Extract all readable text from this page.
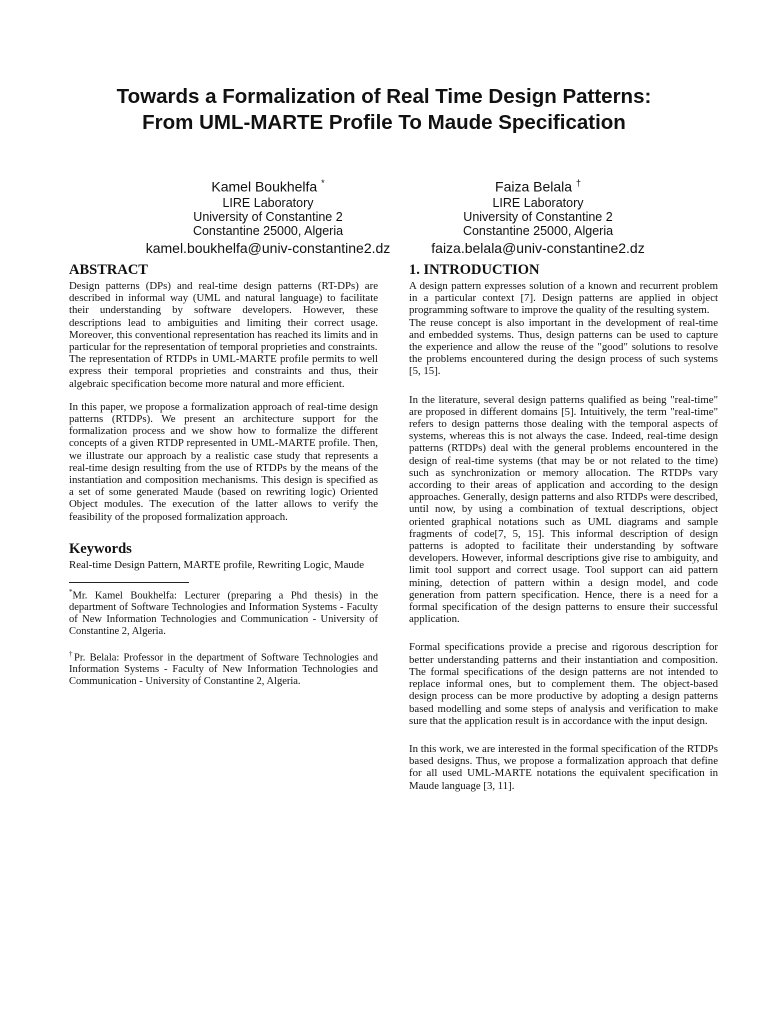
Towards a Formalization of Real Time Design Patterns:
From UML-MARTE Profile To Maude Specification
Kamel Boukhelfa *
LIRE Laboratory
University of Constantine 2
Constantine 25000, Algeria
kamel.boukhelfa@univ-constantine2.dz
Faiza Belala †
LIRE Laboratory
University of Constantine 2
Constantine 25000, Algeria
faiza.belala@univ-constantine2.dz
ABSTRACT

Design patterns (DPs) and real-time design patterns (RT-DPs) are described in informal way (UML and natural language) to facilitate their understanding by software developers. However, these descriptions lead to ambiguities and limiting their correct usage. Moreover, this conventional representation has reached its limits and in particular for the representation of temporal proprieties and constraints.

The representation of RTDPs in UML-MARTE profile permits to well express their temporal proprieties and constraints and thus, their algebraic specification become more natural and more efficient.

In this paper, we propose a formalization approach of real-time design patterns (RTDPs). We present an architecture support for the formalization process and we show how to formalize the different concepts of a given RTDP represented in UML-MARTE profile. Then, we illustrate our approach by a realistic case study that represents a real-time design resulting from the use of RTDPs by the means of the instantiation and composition mechanisms. This design is specified as a set of some generated Maude (based on rewriting logic) Oriented Object modules. The execution of the latter allows to verify the feasibility of the proposed formalization approach.

Keywords

Real-time Design Pattern, MARTE profile, Rewriting Logic, Maude

*Mr. Kamel Boukhelfa: Lecturer (preparing a Phd thesis) in the department of Software Technologies and Information Systems - Faculty of New Information Technologies and Communication - University of Constantine 2, Algeria.

†Pr. Belala: Professor in the department of Software Technologies and Information Systems - Faculty of New Information Technologies and Communication - University of Constantine 2, Algeria.

1. INTRODUCTION

A design pattern expresses solution of a known and recurrent problem in a particular context [7]. Design patterns are applied in object programming software to improve the quality of the resulting system.

The reuse concept is also important in the development of real-time and embedded systems. Thus, design patterns can be used to capture the experience and allow the reuse of the "good" solutions to resolve the problems encountered during the design process of such systems [5, 15].

In the literature, several design patterns qualified as being "real-time" are proposed in different domains [5]. Intuitively, the term "real-time" refers to design patterns those dealing with the temporal aspects of systems, whereas this is not always the case. Indeed, real-time design patterns (RTDPs) deal with the general problems encountered in the design of real-time systems (that may be or not related to the time) such as synchronization or memory allocation. The RTDPs vary according to their areas of application and according to the design approaches. Generally, design patterns and also RTDPs were described, until now, by using a combination of textual descriptions, object oriented graphical notations such as UML diagrams and sample fragments of code[7, 5, 15]. This informal description of design patterns is adopted to facilitate their understanding by software developers. However, informal descriptions give rise to ambiguity, and limit tool support and correct usage. Tool support can aid pattern mining, detection of pattern within a design model, and code generation from pattern specification. Hence, there is a need for a formal specification of the design patterns to ensure their successful application.

Formal specifications provide a precise and rigorous description for better understanding patterns and their instantiation and composition. The formal specifications of the design patterns are not intended to replace informal ones, but to complement them. The object-based design process can be more productive by adopting a design patterns based modelling and some steps of analysis and verification to make sure that the application result is in accordance with the input design.

In this work, we are interested in the formal specification of the RTDPs based designs. Thus, we propose a formalization approach that define for all used UML-MARTE notations the equivalent specification in Maude language [3, 11].
